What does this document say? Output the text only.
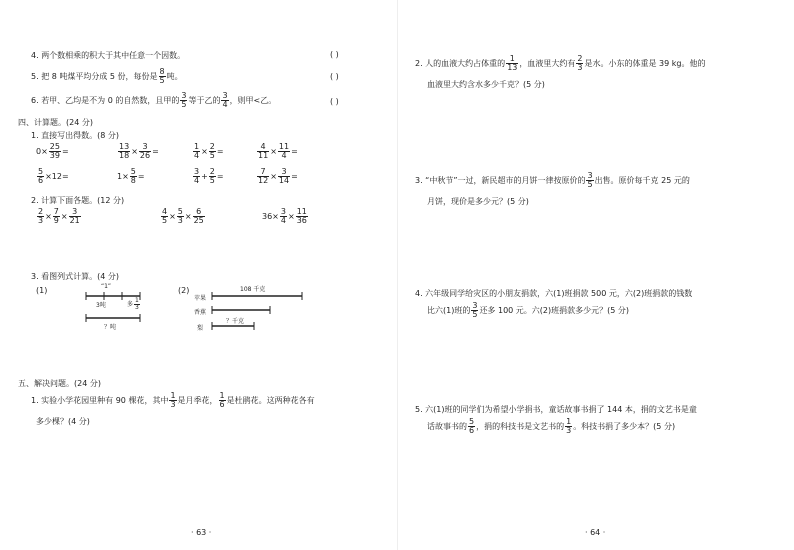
4. 两个数相乘的积大于其中任意一个因数。	( )
5. 把 8 吨煤平均分成 5 份，每份是 $\frac{8}{5}$ 吨。	( )
6. 若甲、乙均是不为 0 的自然数，且甲的 $\frac{3}{5}$ 等于乙的 $\frac{3}{4}$ ，则甲<乙。	( )
四、计算题。(24 分)
1. 直接写出得数。(8 分)
$0\times \frac{25}{39}$ =	$\frac{13}{18} \times \frac{3}{26}$ =	$\frac{1}{4} \times \frac{2}{5}$ =	$\frac{4}{11} \times \frac{11}{4}$ =
$\frac{5}{6} \times 12=$	$1\times \frac{5}{8}$ =	$\frac{3}{4} + \frac{2}{5}$ =	$\frac{7}{12} \times \frac{3}{14}$ =
2. 计算下面各题。(12 分)
$\frac{2}{3} \times \frac{7}{9} \times \frac{3}{21}$	$\frac{4}{5} \times \frac{5}{3} \times \frac{6}{25}$	$36\times \frac{3}{4} \times \frac{11}{36}$
3. 看图列式计算。(4 分)
(1)	“1”
3吨	多 $\frac{1}{3}$
？吨
(2)	108 千克
苹果
香蕉
梨
？千克
五、解决问题。(24 分)
1. 实验小学花园里种有 90 棵花，其中 $\frac{1}{3}$ 是月季花， $\frac{1}{6}$ 是杜鹃花。这两种花各有
多少棵？(4 分)
· 63 ·
2. 人的血液大约占体重的 $\frac{1}{13}$ ，血液里大约有 $\frac{2}{3}$ 是水。小东的体重是 39 kg。他的
血液里大约含水多少千克？(5 分)
3. “中秋节”一过，新民超市的月饼一律按原价的 $\frac{3}{5}$ 出售。原价每千克 25 元的
月饼，现价是多少元？(5 分)
4. 六年级同学给灾区的小朋友捐款，六(1)班捐款 500 元，六(2)班捐款的钱数
比六(1)班的 $\frac{3}{5}$ 还多 100 元。六(2)班捐款多少元？(5 分)
5. 六(1)班的同学们为希望小学捐书，童话故事书捐了 144 本，捐的文艺书是童
话故事书的 $\frac{5}{6}$ ，捐的科技书是文艺书的 $\frac{1}{3}$ 。科技书捐了多少本？(5 分)
· 64 ·
